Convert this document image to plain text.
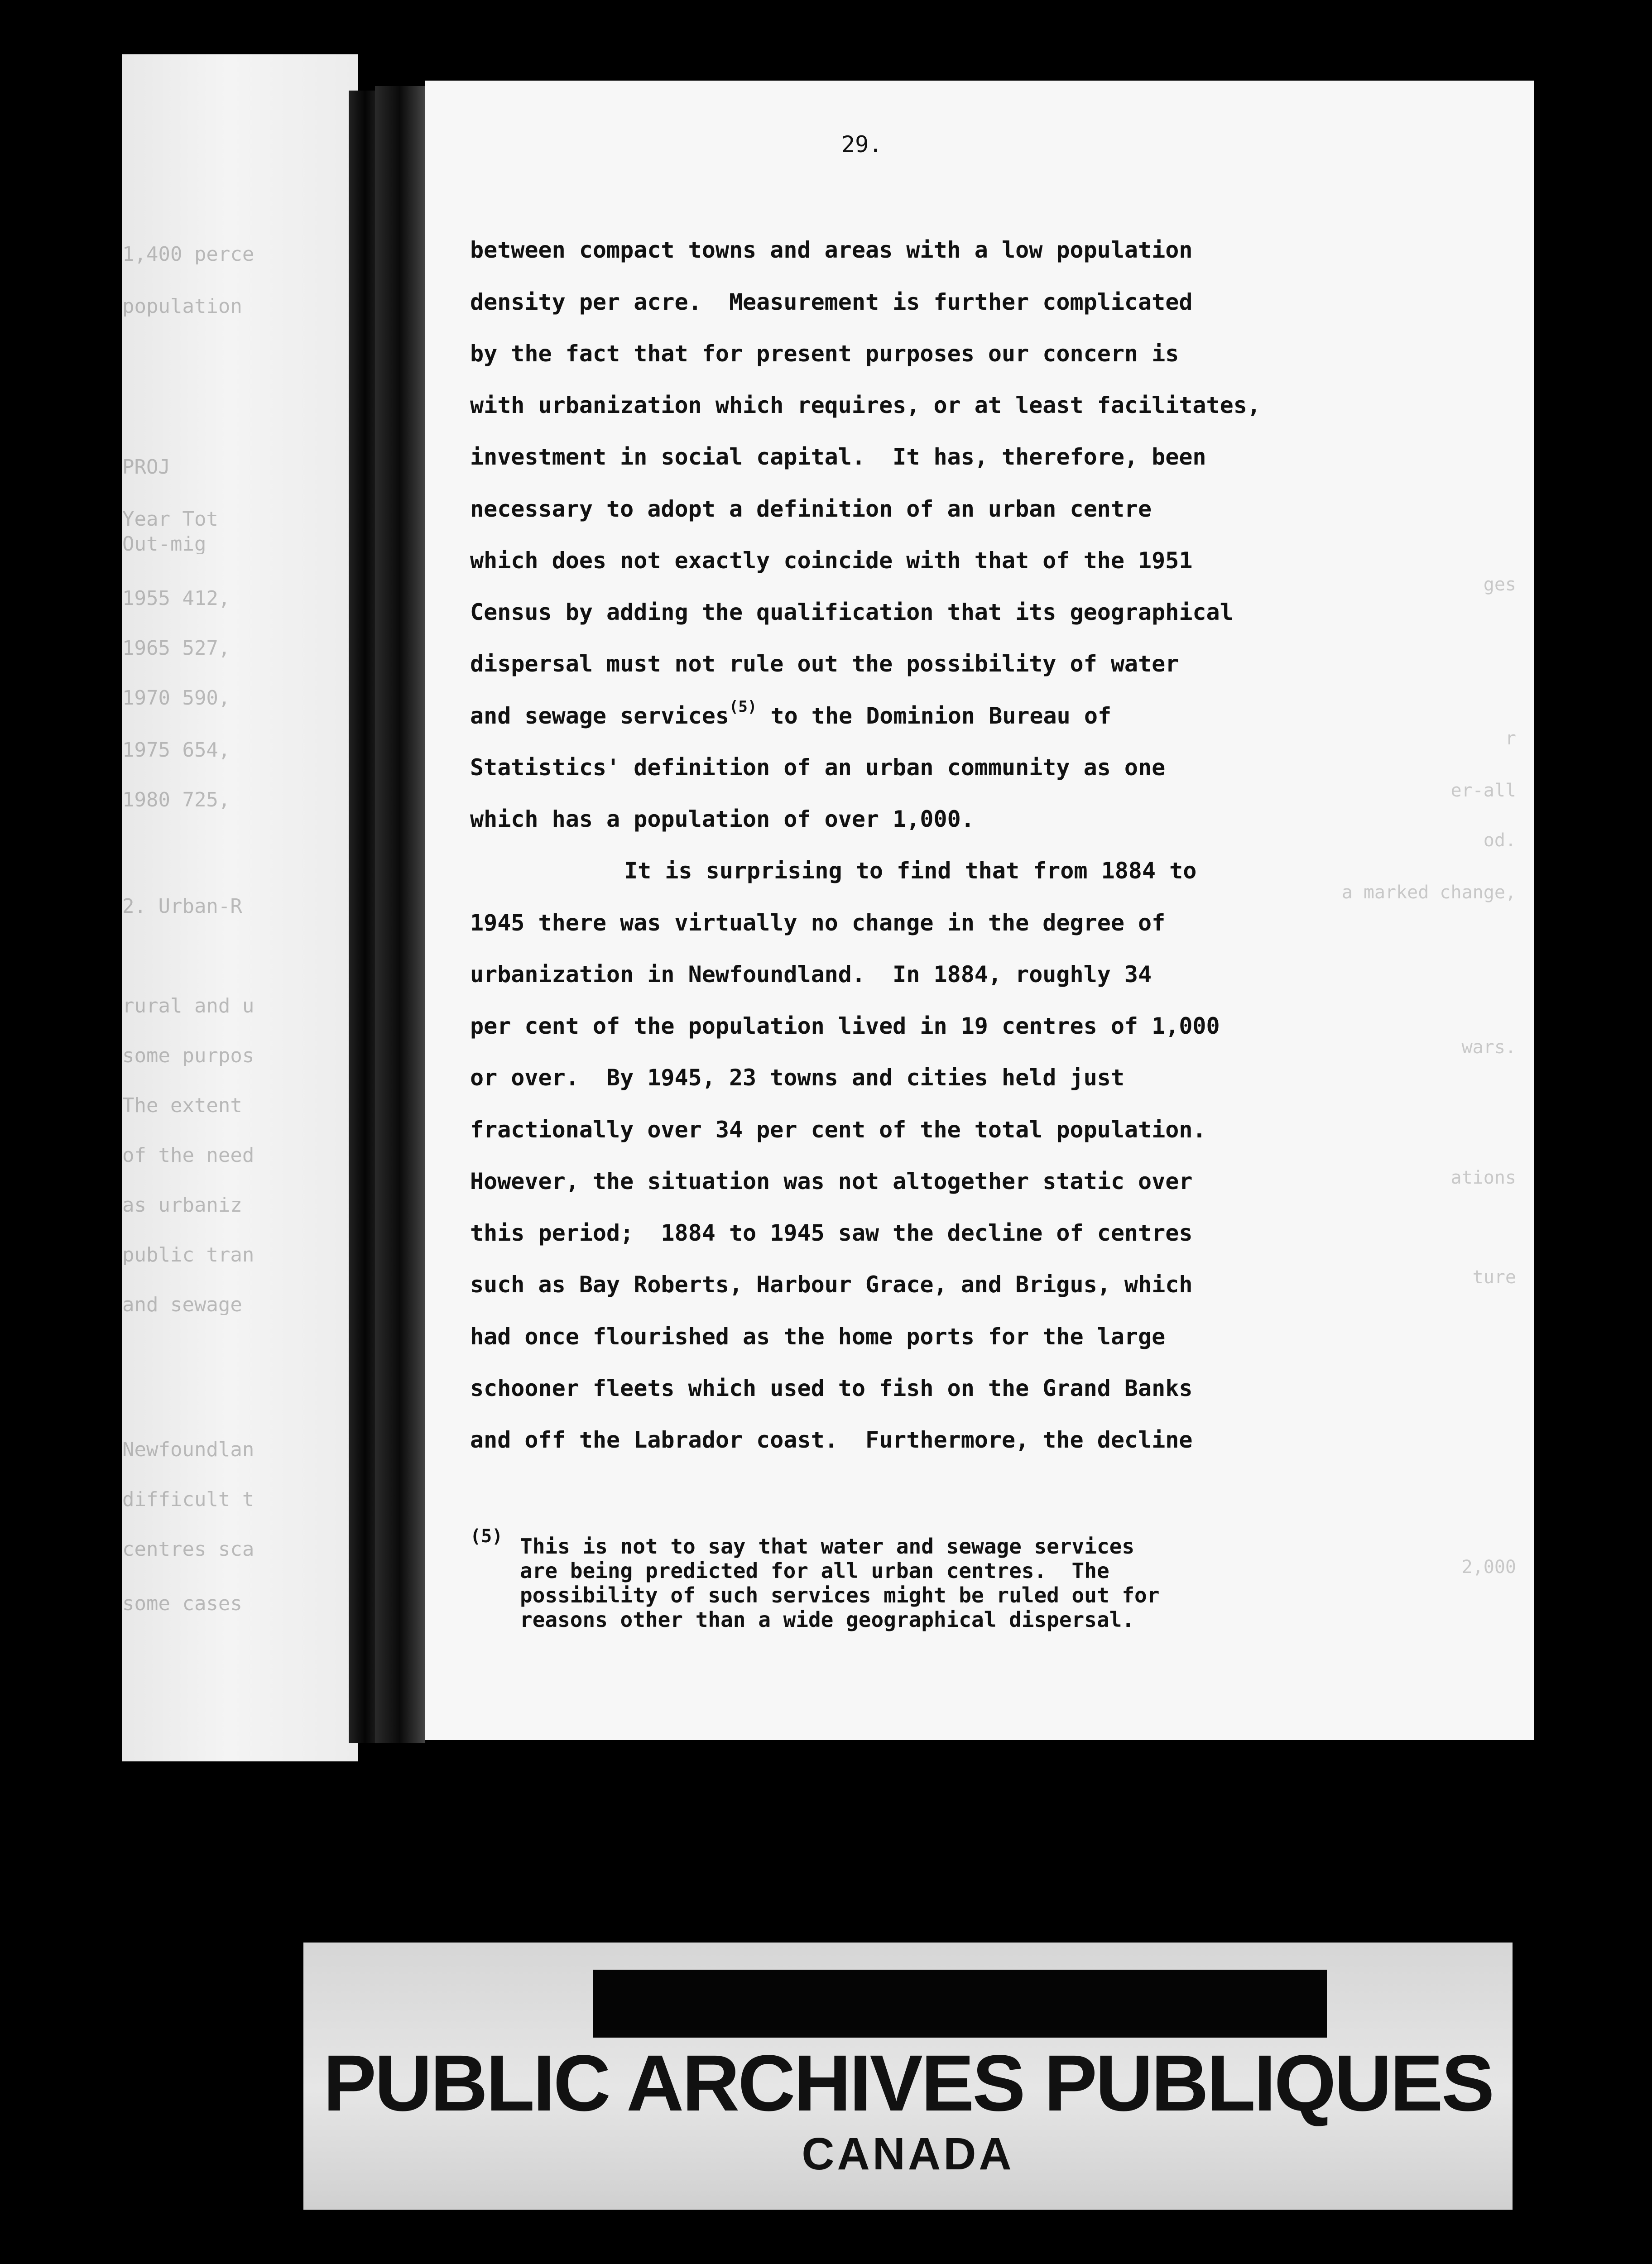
1,400 perce
population
PROJ
Year Tot
Out-mig
1955 412,
1965 527,
1970 590,
1975 654,
1980 725,
2. Urban-R
rural and u
some purpos
The extent
of the need
as urbaniz
public tran
and sewage
Newfoundlan
difficult t
centres sca
some cases
ges
r
er-all
od.
a marked change,
wars.
ations
ture
2,000
29.
between compact towns and areas with a low population
density per acre.  Measurement is further complicated
by the fact that for present purposes our concern is
with urbanization which requires, or at least facilitates,
investment in social capital.  It has, therefore, been
necessary to adopt a definition of an urban centre
which does not exactly coincide with that of the 1951
Census by adding the qualification that its geographical
dispersal must not rule out the possibility of water
and sewage services$^{(5)}$ to the Dominion Bureau of
Statistics' definition of an urban community as one
which has a population of over 1,000.
It is surprising to find that from 1884 to
1945 there was virtually no change in the degree of
urbanization in Newfoundland.  In 1884, roughly 34
per cent of the population lived in 19 centres of 1,000
or over.  By 1945, 23 towns and cities held just
fractionally over 34 per cent of the total population.
However, the situation was not altogether static over
this period;  1884 to 1945 saw the decline of centres
such as Bay Roberts, Harbour Grace, and Brigus, which
had once flourished as the home ports for the large
schooner fleets which used to fish on the Grand Banks
and off the Labrador coast.  Furthermore, the decline
(5) This is not to say that water and sewage services
are being predicted for all urban centres.  The
possibility of such services might be ruled out for
reasons other than a wide geographical dispersal.
PUBLIC ARCHIVES PUBLIQUES
CANADA
